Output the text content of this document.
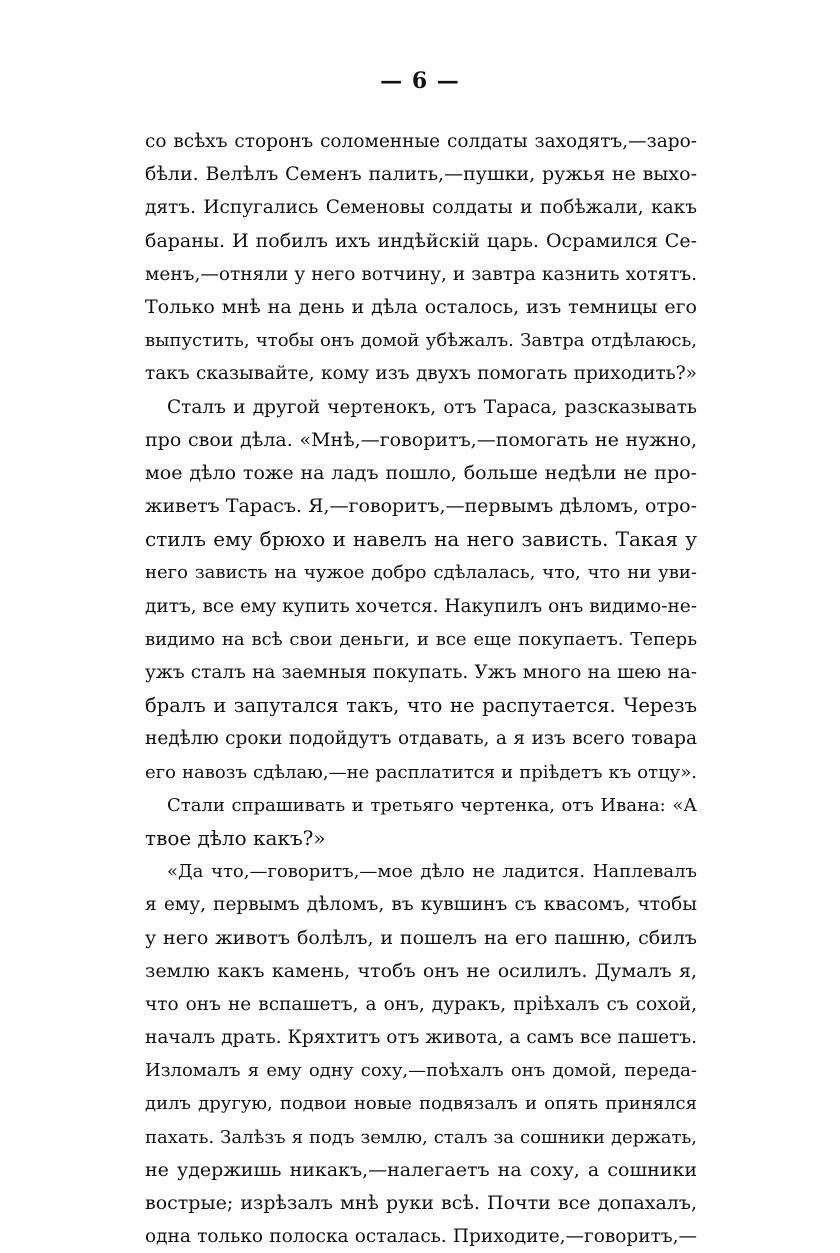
— 6 —
со всѣхъ сторонъ соломенные солдаты заходятъ,—заро-
бѣли. Велѣлъ Семенъ палить,—пушки, ружья не выхо-
дятъ. Испугались Семеновы солдаты и побѣжали, какъ
бараны. И побилъ ихъ индѣйскій царь. Осрамился Се-
менъ,—отняли у него вотчину, и завтра казнить хотятъ.
Только мнѣ на день и дѣла осталось, изъ темницы его
выпустить, чтобы онъ домой убѣжалъ. Завтра отдѣлаюсь,
такъ сказывайте, кому изъ двухъ помогать приходить?»
Сталъ и другой чертенокъ, отъ Тараса, разсказывать
про свои дѣла. «Мнѣ,—говоритъ,—помогать не нужно,
мое дѣло тоже на ладъ пошло, больше недѣли не про-
живетъ Тарасъ. Я,—говоритъ,—первымъ дѣломъ, отро-
стилъ ему брюхо и навелъ на него зависть. Такая у
него зависть на чужое добро сдѣлалась, что, что ни уви-
дитъ, все ему купить хочется. Накупилъ онъ видимо-не-
видимо на всѣ свои деньги, и все еще покупаетъ. Теперь
ужъ сталъ на заемныя покупать. Ужъ много на шею на-
бралъ и запутался такъ, что не распутается. Черезъ
недѣлю сроки подойдутъ отдавать, а я изъ всего товара
его навозъ сдѣлаю,—не расплатится и пріѣдетъ къ отцу».
Стали спрашивать и третьяго чертенка, отъ Ивана: «А
твое дѣло какъ?»
«Да что,—говоритъ,—мое дѣло не ладится. Наплевалъ
я ему, первымъ дѣломъ, въ кувшинъ съ квасомъ, чтобы
у него животъ болѣлъ, и пошелъ на его пашню, сбилъ
землю какъ камень, чтобъ онъ не осилилъ. Думалъ я,
что онъ не вспашетъ, а онъ, дуракъ, пріѣхалъ съ сохой,
началъ драть. Кряхтитъ отъ живота, а самъ все пашетъ.
Изломалъ я ему одну соху,—поѣхалъ онъ домой, переда-
дилъ другую, подвои новые подвязалъ и опять принялся
пахать. Залѣзъ я подъ землю, сталъ за сошники держать,
не удержишь никакъ,—налегаетъ на соху, а сошники
вострые; изрѣзалъ мнѣ руки всѣ. Почти все допахалъ,
одна только полоска осталась. Приходите,—говоритъ,—
